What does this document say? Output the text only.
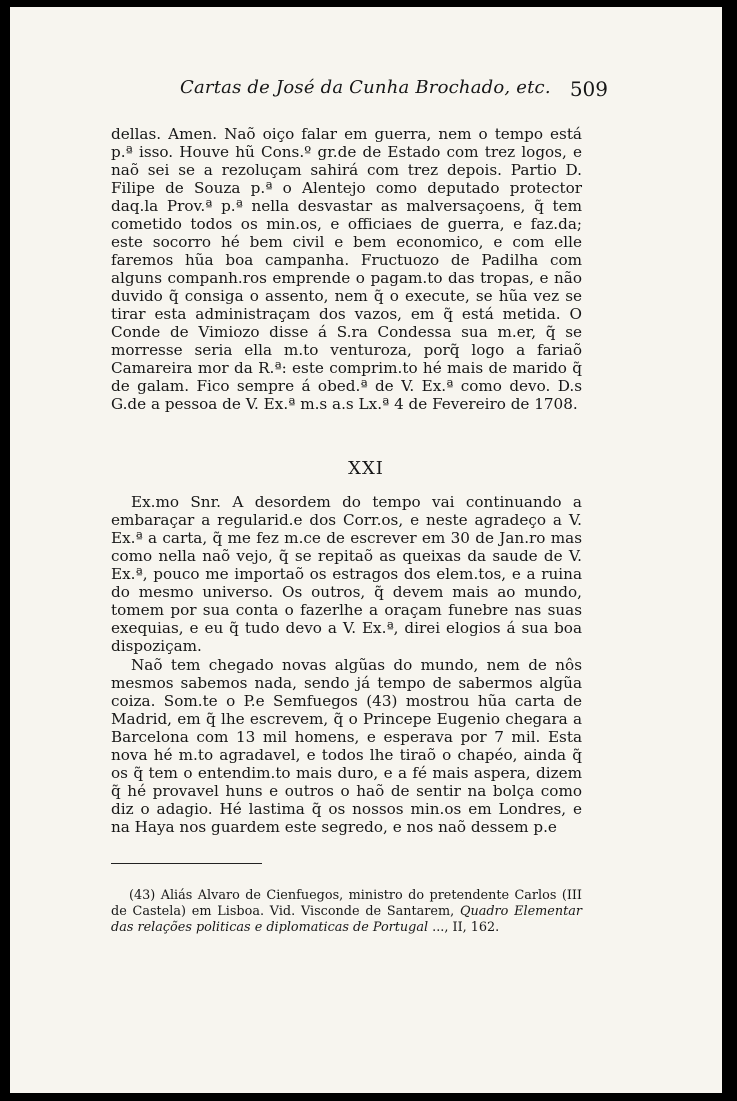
Cartas de José da Cunha Brochado, etc. 509

dellas. Amen. Naõ oiço falar em guerra, nem o tempo está p.ª isso. Houve hũ Cons.º gr.de de Estado com trez logos, e naõ sei se a rezoluçam sahirá com trez depois. Partio D. Filipe de Souza p.ª o Alentejo como deputado protector daq.la Prov.ª p.ª nella desvastar as malversaçoens, q̃ tem cometido todos os min.os, e officiaes de guerra, e faz.da; este socorro hé bem civil e bem economico, e com elle faremos hũa boa campanha. Fructuozo de Padilha com alguns companh.ros emprende o pagam.to das tropas, e não duvido q̃ consiga o assento, nem q̃ o execute, se hũa vez se tirar esta administraçam dos vazos, em q̃ está metida. O Conde de Vimiozo disse á S.ra Condessa sua m.er, q̃ se morresse seria ella m.to venturoza, porq̃ logo a fariaõ Camareira mor da R.ª: este comprim.to hé mais de marido q̃ de galam. Fico sempre á obed.ª de V. Ex.ª como devo. D.s G.de a pessoa de V. Ex.ª m.s a.s Lx.ª 4 de Fevereiro de 1708.

XXI

Ex.mo Snr. A desordem do tempo vai continuando a embaraçar a regularid.e dos Corr.os, e neste agradeço a V. Ex.ª a carta, q̃ me fez m.ce de escrever em 30 de Jan.ro mas como nella naõ vejo, q̃ se repitaõ as queixas da saude de V. Ex.ª, pouco me importaõ os estragos dos elem.tos, e a ruina do mesmo universo. Os outros, q̃ devem mais ao mundo, tomem por sua conta o fazerlhe a oraçam funebre nas suas exequias, e eu q̃ tudo devo a V. Ex.ª, direi elogios á sua boa dispoziçam.

Naõ tem chegado novas algũas do mundo, nem de nôs mesmos sabemos nada, sendo já tempo de sabermos algũa coiza. Som.te o P.e Semfuegos (43) mostrou hũa carta de Madrid, em q̃ lhe escrevem, q̃ o Princepe Eugenio chegara a Barcelona com 13 mil homens, e esperava por 7 mil. Esta nova hé m.to agradavel, e todos lhe tiraõ o chapéo, ainda q̃ os q̃ tem o entendim.to mais duro, e a fé mais aspera, dizem q̃ hé provavel huns e outros o haõ de sentir na bolça como diz o adagio. Hé lastima q̃ os nossos min.os em Londres, e na Haya nos guardem este segredo, e nos naõ dessem p.e

(43) Aliás Alvaro de Cienfuegos, ministro do pretendente Carlos (III de Castela) em Lisboa. Vid. Visconde de Santarem, Quadro Elementar das relações politicas e diplomaticas de Portugal ..., II, 162.
